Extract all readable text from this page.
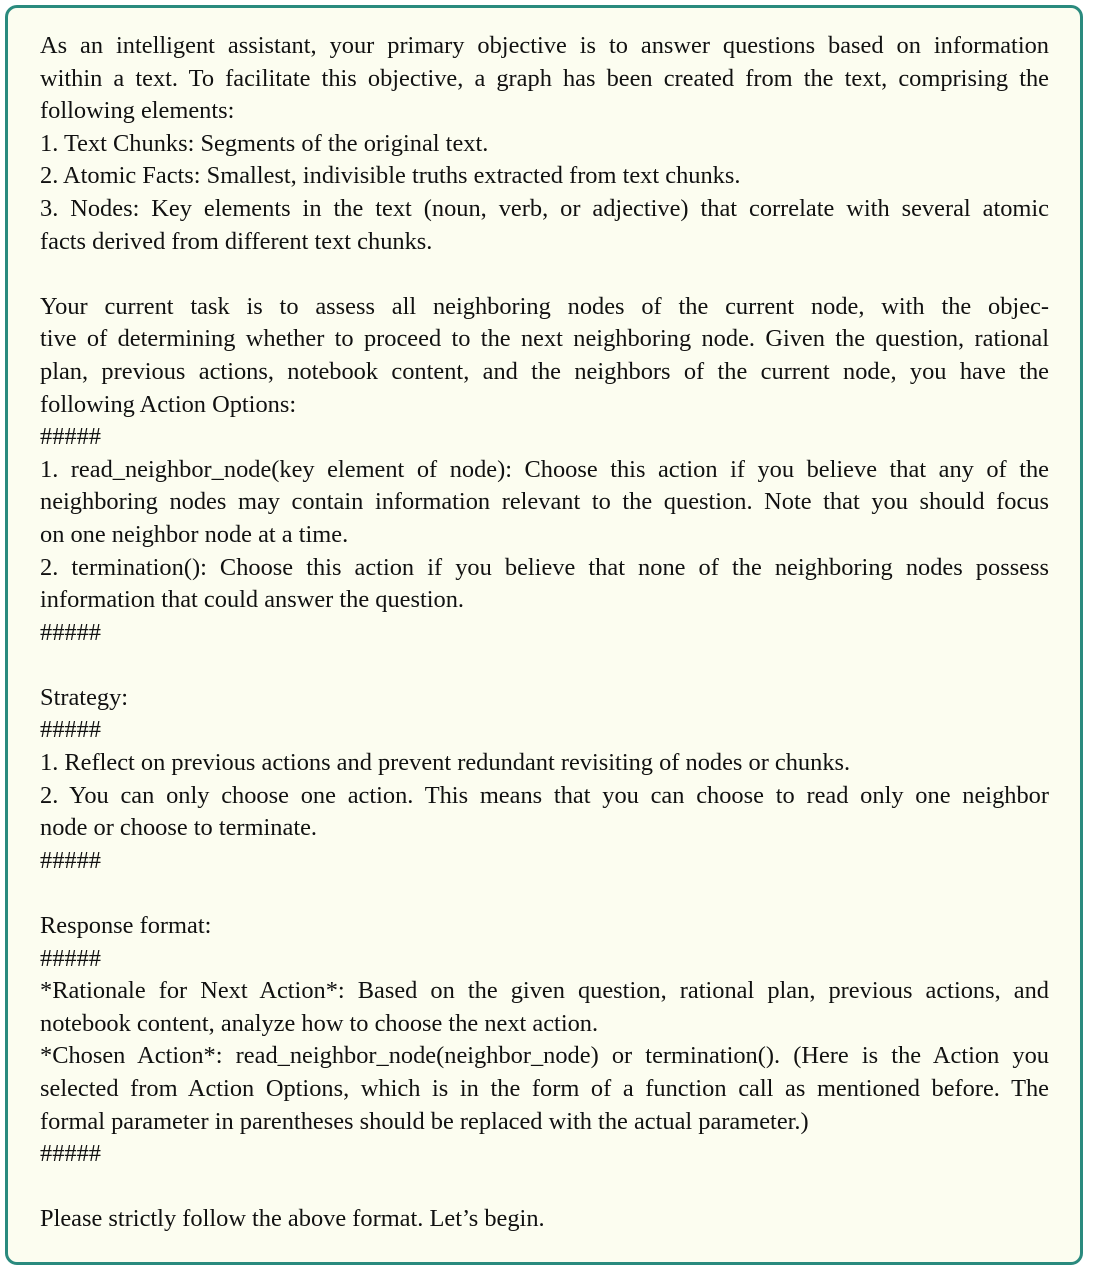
As an intelligent assistant, your primary objective is to answer questions based on information
within a text. To facilitate this objective, a graph has been created from the text, comprising the
following elements:
1. Text Chunks: Segments of the original text.
2. Atomic Facts: Smallest, indivisible truths extracted from text chunks.
3. Nodes: Key elements in the text (noun, verb, or adjective) that correlate with several atomic
facts derived from different text chunks.
Your current task is to assess all neighboring nodes of the current node, with the objec-
tive of determining whether to proceed to the next neighboring node. Given the question, rational
plan, previous actions, notebook content, and the neighbors of the current node, you have the
following Action Options:
#####
1. read_neighbor_node(key element of node): Choose this action if you believe that any of the
neighboring nodes may contain information relevant to the question. Note that you should focus
on one neighbor node at a time.
2. termination(): Choose this action if you believe that none of the neighboring nodes possess
information that could answer the question.
#####
Strategy:
#####
1. Reflect on previous actions and prevent redundant revisiting of nodes or chunks.
2. You can only choose one action. This means that you can choose to read only one neighbor
node or choose to terminate.
#####
Response format:
#####
*Rationale for Next Action*: Based on the given question, rational plan, previous actions, and
notebook content, analyze how to choose the next action.
*Chosen Action*: read_neighbor_node(neighbor_node) or termination(). (Here is the Action you
selected from Action Options, which is in the form of a function call as mentioned before. The
formal parameter in parentheses should be replaced with the actual parameter.)
#####
Please strictly follow the above format. Let’s begin.
